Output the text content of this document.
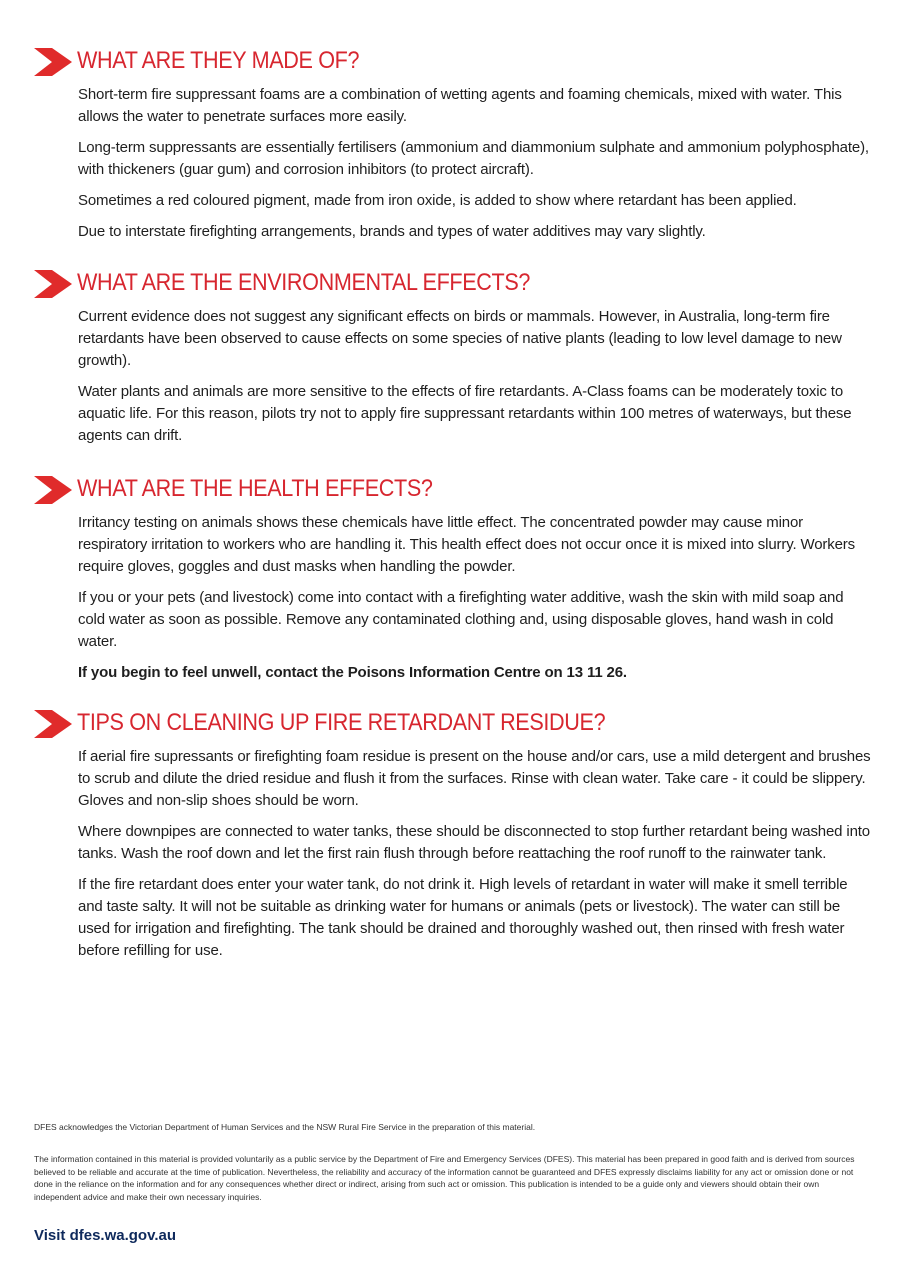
WHAT ARE THEY MADE OF?

Short-term fire suppressant foams are a combination of wetting agents and foaming chemicals, mixed with water. This allows the water to penetrate surfaces more easily.

Long-term suppressants are essentially fertilisers (ammonium and diammonium sulphate and ammonium polyphosphate), with thickeners (guar gum) and corrosion inhibitors (to protect aircraft).

Sometimes a red coloured pigment, made from iron oxide, is added to show where retardant has been applied.

Due to interstate firefighting arrangements, brands and types of water additives may vary slightly.

WHAT ARE THE ENVIRONMENTAL EFFECTS?

Current evidence does not suggest any significant effects on birds or mammals. However, in Australia, long-term fire retardants have been observed to cause effects on some species of native plants (leading to low level damage to new growth).

Water plants and animals are more sensitive to the effects of fire retardants. A-Class foams can be moderately toxic to aquatic life. For this reason, pilots try not to apply fire suppressant retardants within 100 metres of waterways, but these agents can drift.

WHAT ARE THE HEALTH EFFECTS?

Irritancy testing on animals shows these chemicals have little effect. The concentrated powder may cause minor respiratory irritation to workers who are handling it. This health effect does not occur once it is mixed into slurry. Workers require gloves, goggles and dust masks when handling the powder.

If you or your pets (and livestock) come into contact with a firefighting water additive, wash the skin with mild soap and cold water as soon as possible. Remove any contaminated clothing and, using disposable gloves, hand wash in cold water.

If you begin to feel unwell, contact the Poisons Information Centre on 13 11 26.

TIPS ON CLEANING UP FIRE RETARDANT RESIDUE?

If aerial fire supressants or firefighting foam residue is present on the house and/or cars, use a mild detergent and brushes to scrub and dilute the dried residue and flush it from the surfaces. Rinse with clean water. Take care - it could be slippery. Gloves and non-slip shoes should be worn.

Where downpipes are connected to water tanks, these should be disconnected to stop further retardant being washed into tanks. Wash the roof down and let the first rain flush through before reattaching the roof runoff to the rainwater tank.

If the fire retardant does enter your water tank, do not drink it. High levels of retardant in water will make it smell terrible and taste salty. It will not be suitable as drinking water for humans or animals (pets or livestock). The water can still be used for irrigation and firefighting. The tank should be drained and thoroughly washed out, then rinsed with fresh water before refilling for use.

DFES acknowledges the Victorian Department of Human Services and the NSW Rural Fire Service in the preparation of this material.
The information contained in this material is provided voluntarily as a public service by the Department of Fire and Emergency Services (DFES). This material has been prepared in good faith and is derived from sources believed to be reliable and accurate at the time of publication. Nevertheless, the reliability and accuracy of the information cannot be guaranteed and DFES expressly disclaims liability for any act or omission done or not done in the reliance on the information and for any consequences whether direct or indirect, arising from such act or omission. This publication is intended to be a guide only and viewers should obtain their own independent advice and make their own necessary inquiries.
Visit dfes.wa.gov.au
